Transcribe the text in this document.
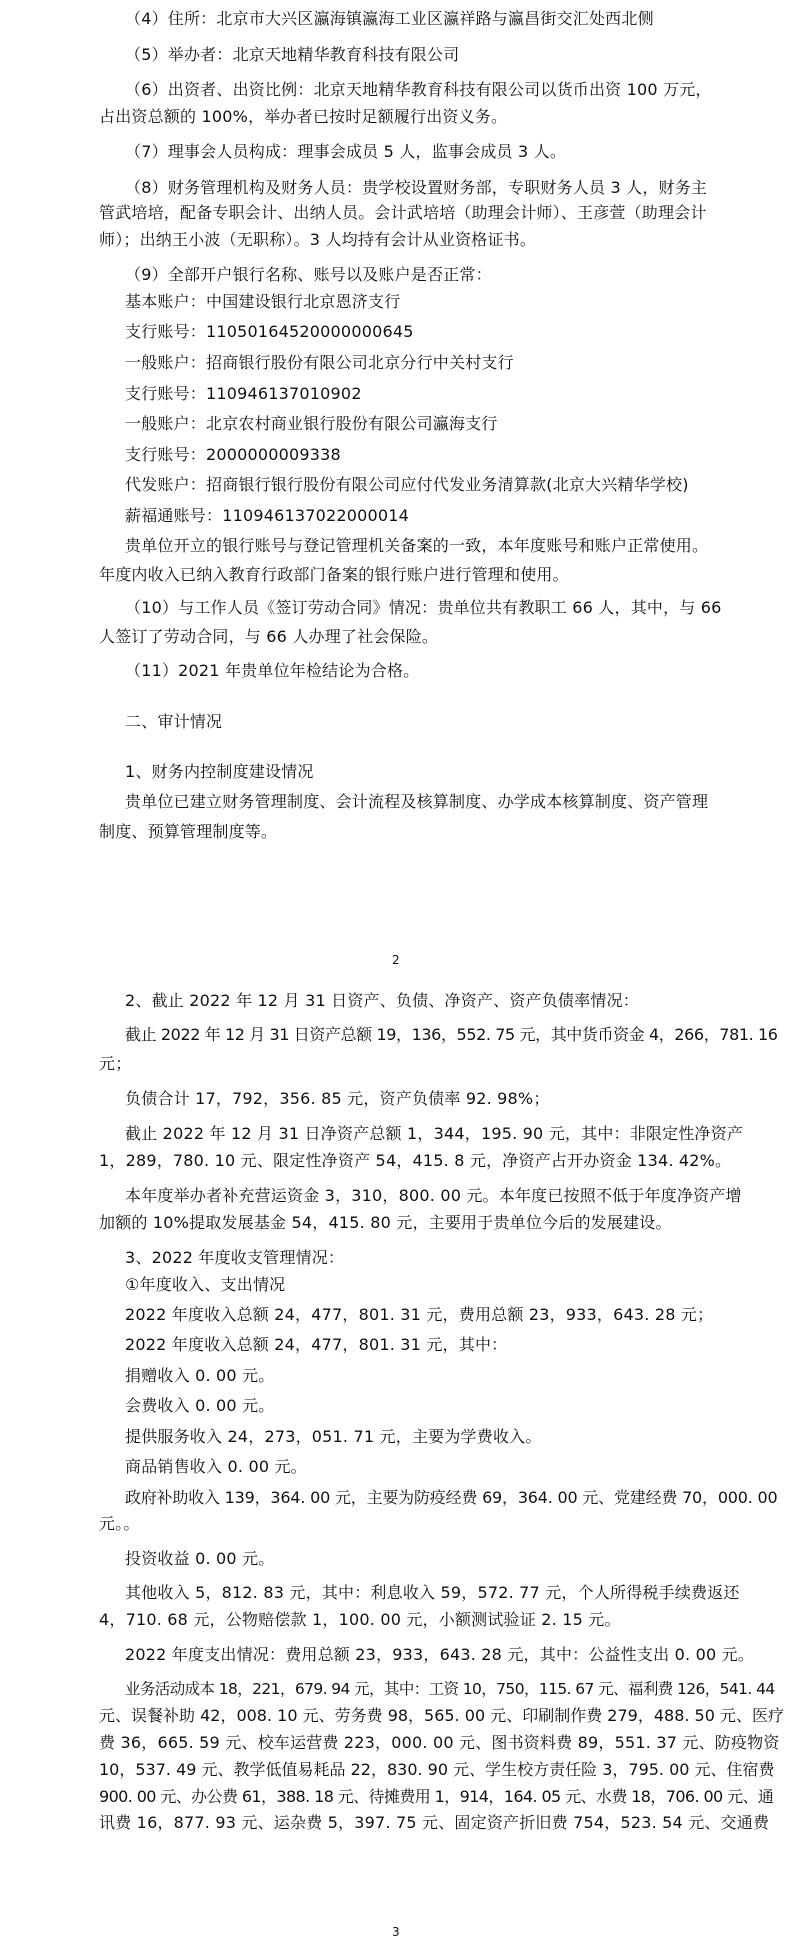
（4）住所：北京市大兴区瀛海镇瀛海工业区瀛祥路与瀛昌街交汇处西北侧
（5）举办者：北京天地精华教育科技有限公司
（6）出资者、出资比例：北京天地精华教育科技有限公司以货币出资 100 万元，
占出资总额的 100%，举办者已按时足额履行出资义务。
（7）理事会人员构成：理事会成员 5 人，监事会成员 3 人。
（8）财务管理机构及财务人员：贵学校设置财务部，专职财务人员 3 人，财务主
管武培培，配备专职会计、出纳人员。会计武培培（助理会计师）、王彦萱（助理会计
师）；出纳王小波（无职称）。3 人均持有会计从业资格证书。
（9）全部开户银行名称、账号以及账户是否正常：
基本账户：中国建设银行北京恩济支行
支行账号：11050164520000000645
一般账户：招商银行股份有限公司北京分行中关村支行
支行账号：110946137010902
一般账户：北京农村商业银行股份有限公司瀛海支行
支行账号：2000000009338
代发账户：招商银行银行股份有限公司应付代发业务清算款(北京大兴精华学校)
薪福通账号：110946137022000014
贵单位开立的银行账号与登记管理机关备案的一致，本年度账号和账户正常使用。
年度内收入已纳入教育行政部门备案的银行账户进行管理和使用。
（10）与工作人员《签订劳动合同》情况：贵单位共有教职工 66 人，其中，与 66
人签订了劳动合同，与 66 人办理了社会保险。
（11）2021 年贵单位年检结论为合格。
二、审计情况
1、财务内控制度建设情况
贵单位已建立财务管理制度、会计流程及核算制度、办学成本核算制度、资产管理
制度、预算管理制度等。
2
2、截止 2022 年 12 月 31 日资产、负债、净资产、资产负债率情况：
截止 2022 年 12 月 31 日资产总额 19，136，552. 75 元，其中货币资金 4，266，781. 16
元；
负债合计 17，792，356. 85 元，资产负债率 92. 98%；
截止 2022 年 12 月 31 日净资产总额 1，344，195. 90 元，其中：非限定性净资产
1，289，780. 10 元、限定性净资产 54，415. 8 元，净资产占开办资金 134. 42%。
本年度举办者补充营运资金 3，310，800. 00 元。本年度已按照不低于年度净资产增
加额的 10%提取发展基金 54，415. 80 元，主要用于贵单位今后的发展建设。
3、2022 年度收支管理情况：
①年度收入、支出情况
2022 年度收入总额 24，477，801. 31 元，费用总额 23，933，643. 28 元；
2022 年度收入总额 24，477，801. 31 元，其中：
捐赠收入 0. 00 元。
会费收入 0. 00 元。
提供服务收入 24，273，051. 71 元，主要为学费收入。
商品销售收入 0. 00 元。
政府补助收入 139，364. 00 元，主要为防疫经费 69，364. 00 元、党建经费 70，000. 00
元。。
投资收益 0. 00 元。
其他收入 5，812. 83 元，其中：利息收入 59，572. 77 元，个人所得税手续费返还
4，710. 68 元，公物赔偿款 1，100. 00 元，小额测试验证 2. 15 元。
2022 年度支出情况：费用总额 23，933，643. 28 元，其中：公益性支出 0. 00 元。
业务活动成本 18，221，679. 94 元，其中：工资 10，750，115. 67 元、福利费 126，541. 44
元、误餐补助 42，008. 10 元、劳务费 98，565. 00 元、印刷制作费 279，488. 50 元、医疗
费 36，665. 59 元、校车运营费 223，000. 00 元、图书资料费 89，551. 37 元、防疫物资
10，537. 49 元、教学低值易耗品 22，830. 90 元、学生校方责任险 3，795. 00 元、住宿费
900. 00 元、办公费 61，388. 18 元、待摊费用 1，914，164. 05 元、水费 18，706. 00 元、通
讯费 16，877. 93 元、运杂费 5，397. 75 元、固定资产折旧费 754，523. 54 元、交通费
3
